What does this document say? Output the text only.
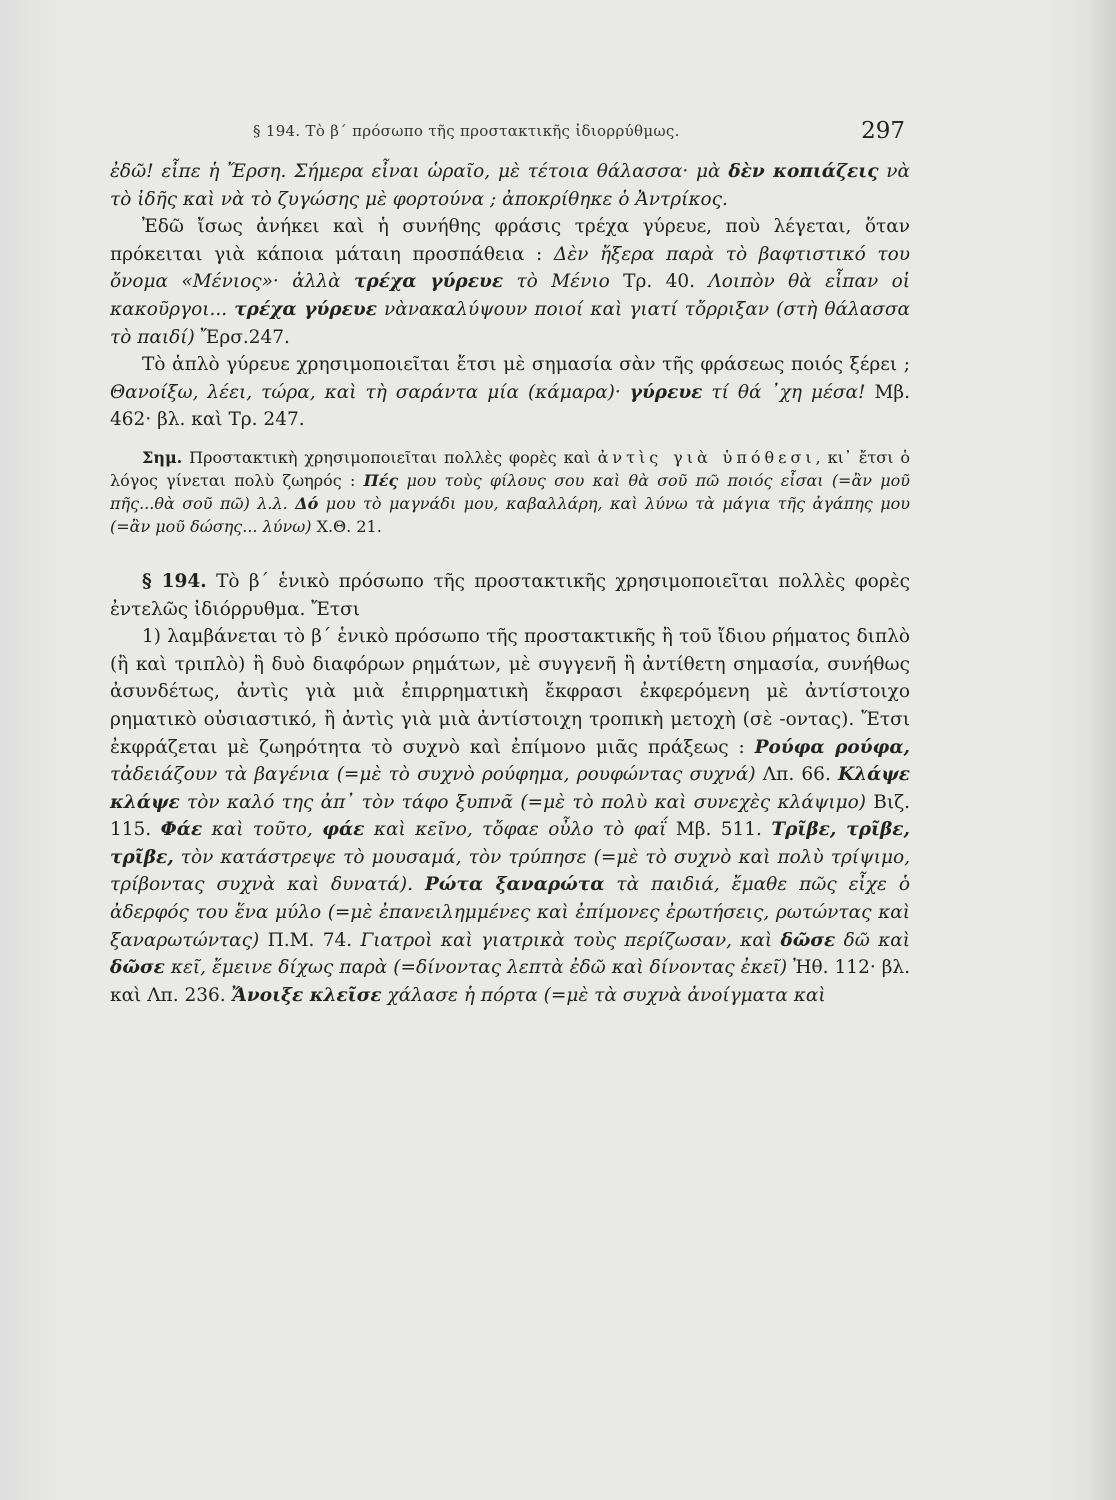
§ 194. Τὸ β΄ πρόσωπο τῆς προστακτικῆς ἰδιορρύθμως.	297

ἐδῶ! εἶπε ἡ Ἔρση. Σήμερα εἶναι ὡραῖο, μὲ τέτοια θάλασσα· μὰ δὲν κοπιάζεις νὰ τὸ ἰδῆς καὶ νὰ τὸ ζυγώσης μὲ φορτούνα ; ἀποκρίθηκε ὁ Ἀντρίκος.

Ἐδῶ ἴσως ἀνήκει καὶ ἡ συνήθης φράσις τρέχα γύρευε, ποὺ λέγεται, ὅταν πρόκειται γιὰ κάποια μάταιη προσπάθεια : Δὲν ἤξερα παρὰ τὸ βαφτιστικό του ὄνομα «Μένιος»· ἀλλὰ τρέχα γύρευε τὸ Μένιο Τρ. 40. Λοιπὸν θὰ εἶπαν οἱ κακοῦργοι... τρέχα γύρευε νὰνακαλύψουν ποιοί καὶ γιατί τὄρριξαν (στὴ θάλασσα τὸ παιδί) Ἔρσ.247.

Τὸ ἁπλὸ γύρευε χρησιμοποιεῖται ἔτσι μὲ σημασία σὰν τῆς φράσεως ποιός ξέρει ; Θανοίξω, λέει, τώρα, καὶ τὴ σαράντα μία (κάμαρα)· γύρευε τί θά ᾽χη μέσα! Μβ. 462· βλ. καὶ Τρ. 247.

Σημ. Προστακτικὴ χρησιμοποιεῖται πολλὲς φορὲς καὶ ἀντὶς γιὰ ὑπόθεσι, κι᾽ ἔτσι ὁ λόγος γίνεται πολὺ ζωηρός : Πές μου τοὺς φίλους σου καὶ θὰ σοῦ πῶ ποιός εἶσαι (=ἂν μοῦ πῆς...θὰ σοῦ πῶ) λ.λ. Δό μου τὸ μαγνάδι μου, καβαλλάρη, καὶ λύνω τὰ μάγια τῆς ἀγάπης μου (=ἂν μοῦ δώσης... λύνω) Χ.Θ. 21.

§ 194. Τὸ β΄ ἑνικὸ πρόσωπο τῆς προστακτικῆς χρησιμοποιεῖται πολλὲς φορὲς ἐντελῶς ἰδιόρρυθμα. Ἔτσι

1) λαμβάνεται τὸ β΄ ἑνικὸ πρόσωπο τῆς προστακτικῆς ἢ τοῦ ἴδιου ρήματος διπλὸ (ἢ καὶ τριπλὸ) ἢ δυὸ διαφόρων ρημάτων, μὲ συγγενῆ ἢ ἀντίθετη σημασία, συνήθως ἀσυνδέτως, ἀντὶς γιὰ μιὰ ἐπιρρηματικὴ ἔκφρασι ἐκφερόμενη μὲ ἀντίστοιχο ρηματικὸ οὐσιαστικό, ἢ ἀντὶς γιὰ μιὰ ἀντίστοιχη τροπικὴ μετοχὴ (σὲ -οντας). Ἔτσι ἐκφράζεται μὲ ζωηρότητα τὸ συχνὸ καὶ ἐπίμονο μιᾶς πράξεως : Ρούφα ρούφα, τἀδειάζουν τὰ βαγένια (=μὲ τὸ συχνὸ ρούφημα, ρουφώντας συχνά) Λπ. 66. Κλάψε κλάψε τὸν καλό της ἀπ᾽ τὸν τάφο ξυπνᾶ (=μὲ τὸ πολὺ καὶ συνεχὲς κλάψιμο) Βιζ. 115. Φάε καὶ τοῦτο, φάε καὶ κεῖνο, τὄφαε οὖλο τὸ φαΐ Μβ. 511. Τρῖβε, τρῖβε, τρῖβε, τὸν κατάστρεψε τὸ μουσαμά, τὸν τρύπησε (=μὲ τὸ συχνὸ καὶ πολὺ τρίψιμο, τρίβοντας συχνὰ καὶ δυνατά). Ρώτα ξαναρώτα τὰ παιδιά, ἔμαθε πῶς εἶχε ὁ ἀδερφός του ἕνα μύλο (=μὲ ἐπανειλημμένες καὶ ἐπίμονες ἐρωτήσεις, ρωτώντας καὶ ξαναρωτώντας) Π.Μ. 74. Γιατροὶ καὶ γιατρικὰ τοὺς περίζωσαν, καὶ δῶσε δῶ καὶ δῶσε κεῖ, ἔμεινε δίχως παρὰ (=δίνοντας λεπτὰ ἐδῶ καὶ δίνοντας ἐκεῖ) Ἠθ. 112· βλ. καὶ Λπ. 236. Ἄνοιξε κλεῖσε χάλασε ἡ πόρτα (=μὲ τὰ συχνὰ ἀνοίγματα καὶ
